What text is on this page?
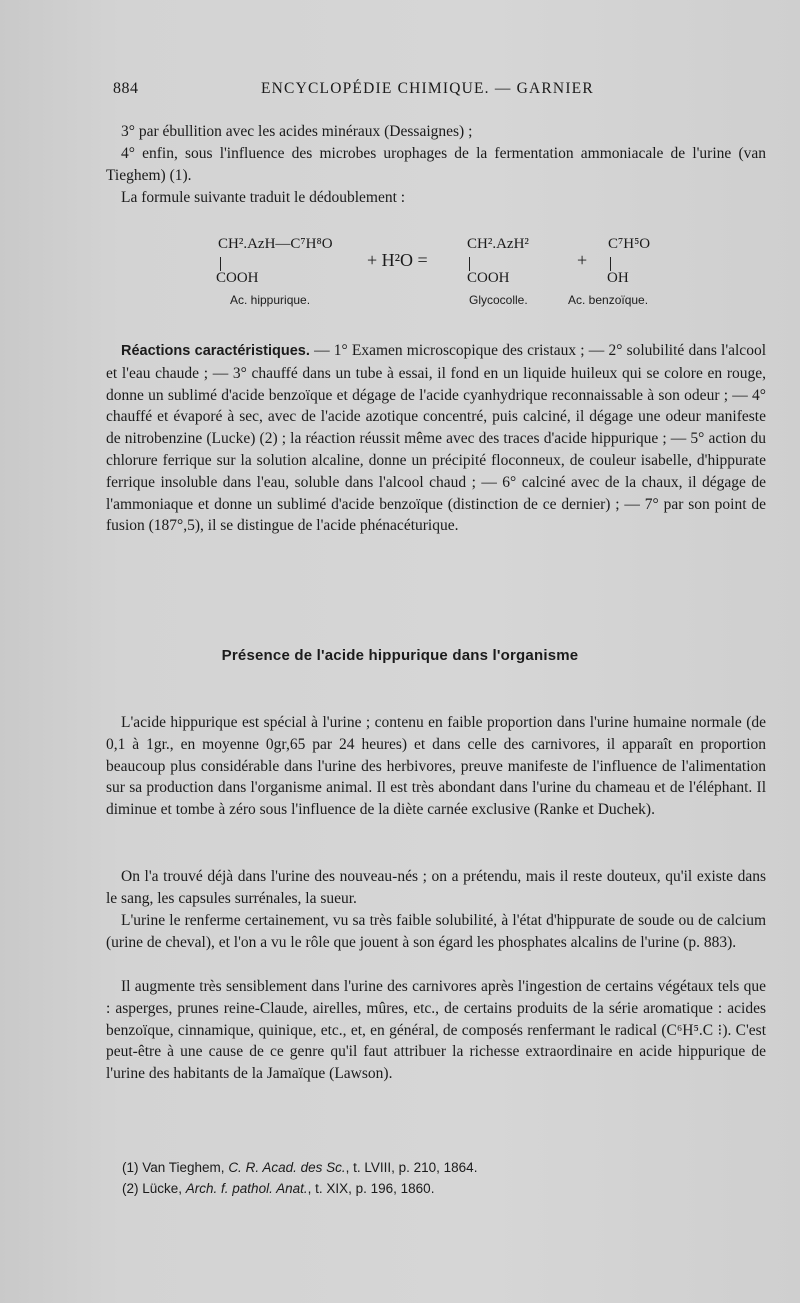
884	ENCYCLOPÉDIE CHIMIQUE. — GARNIER

3° par ébullition avec les acides minéraux (Dessaignes) ;

4° enfin, sous l'influence des microbes urophages de la fermentation ammoniacale de l'urine (van Tieghem) (1).

La formule suivante traduit le dédoublement :

CH².AzH—C⁷H⁸O
COOH
Ac. hippurique.
+ H²O =
CH².AzH²
COOH
Glycocolle.
+
C⁷H⁵O
OH
Ac. benzoïque.

Réactions caractéristiques. — 1° Examen microscopique des cristaux ; — 2° solubilité dans l'alcool et l'eau chaude ; — 3° chauffé dans un tube à essai, il fond en un liquide huileux qui se colore en rouge, donne un sublimé d'acide benzoïque et dégage de l'acide cyanhydrique reconnaissable à son odeur ; — 4° chauffé et évaporé à sec, avec de l'acide azotique concentré, puis calciné, il dégage une odeur manifeste de nitrobenzine (Lucke) (2) ; la réaction réussit même avec des traces d'acide hippurique ; — 5° action du chlorure ferrique sur la solution alcaline, donne un précipité floconneux, de couleur isabelle, d'hippurate ferrique insoluble dans l'eau, soluble dans l'alcool chaud ; — 6° calciné avec de la chaux, il dégage de l'ammoniaque et donne un sublimé d'acide benzoïque (distinction de ce dernier) ; — 7° par son point de fusion (187°,5), il se distingue de l'acide phénacéturique.

Présence de l'acide hippurique dans l'organisme

L'acide hippurique est spécial à l'urine ; contenu en faible proportion dans l'urine humaine normale (de 0,1 à 1gr., en moyenne 0gr,65 par 24 heures) et dans celle des carnivores, il apparaît en proportion beaucoup plus considérable dans l'urine des herbivores, preuve manifeste de l'influence de l'alimentation sur sa production dans l'organisme animal. Il est très abondant dans l'urine du chameau et de l'éléphant. Il diminue et tombe à zéro sous l'influence de la diète carnée exclusive (Ranke et Duchek).

On l'a trouvé déjà dans l'urine des nouveau-nés ; on a prétendu, mais il reste douteux, qu'il existe dans le sang, les capsules surrénales, la sueur.

L'urine le renferme certainement, vu sa très faible solubilité, à l'état d'hippurate de soude ou de calcium (urine de cheval), et l'on a vu le rôle que jouent à son égard les phosphates alcalins de l'urine (p. 883).

Il augmente très sensiblement dans l'urine des carnivores après l'ingestion de certains végétaux tels que : asperges, prunes reine-Claude, airelles, mûres, etc., de certains produits de la série aromatique : acides benzoïque, cinnamique, quinique, etc., et, en général, de composés renfermant le radical (C⁶H⁵.C ⁝). C'est peut-être à une cause de ce genre qu'il faut attribuer la richesse extraordinaire en acide hippurique de l'urine des habitants de la Jamaïque (Lawson).

(1) Van Tieghem, C. R. Acad. des Sc., t. LVIII, p. 210, 1864.
(2) Lücke, Arch. f. pathol. Anat., t. XIX, p. 196, 1860.
